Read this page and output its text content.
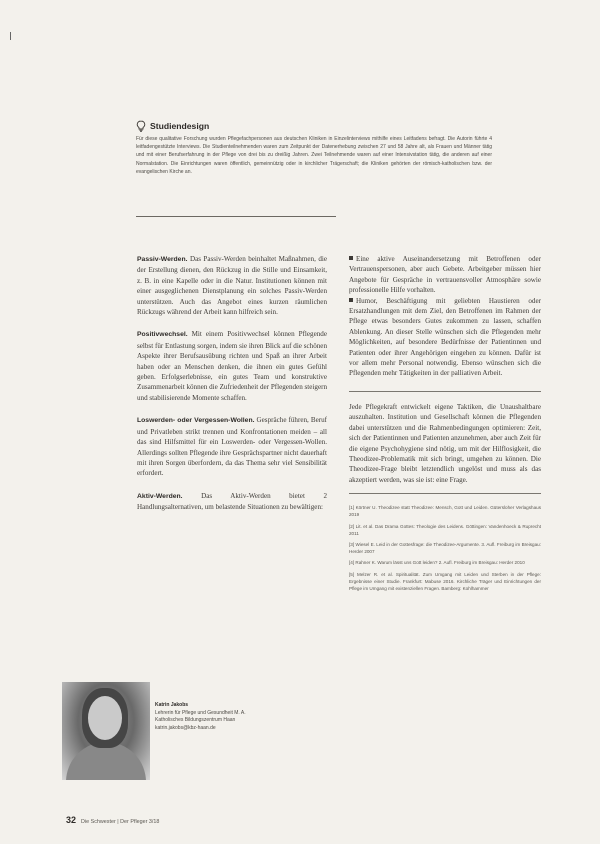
Studiendesign

Für diese qualitative Forschung wurden Pflegefachpersonen aus deutschen Kliniken in Einzelinterviews mithilfe eines Leitfadens befragt. Die Autorin führte 4 leitfadengestützte Interviews. Die Studienteilnehmenden waren zum Zeitpunkt der Datenerhebung zwischen 27 und 58 Jahre alt, als Frauen und Männer tätig und mit einer Berufserfahrung in der Pflege von drei bis zu dreißig Jahren. Zwei Teilnehmende waren auf einer Intensivstation tätig, die anderen auf einer Normalstation. Die Einrichtungen waren öffentlich, gemeinnützig oder in kirchlicher Trägerschaft; die Kliniken gehörten der römisch-katholischen bzw. der evangelischen Kirche an.

Passiv-Werden. Das Passiv-Werden beinhaltet Maßnahmen, die der Erstellung dienen, den Rückzug in die Stille und Einsamkeit, z. B. in eine Kapelle oder in die Natur. Institutionen können mit einer ausgeglichenen Dienstplanung ein solches Passiv-Werden unterstützen. Auch das Angebot eines kurzen räumlichen Rückzugs während der Arbeit kann hilfreich sein.

Positivwechsel. Mit einem Positivwechsel können Pflegende selbst für Entlastung sorgen, indem sie ihren Blick auf die schönen Aspekte ihrer Berufsausübung richten und Spaß an ihrer Arbeit haben oder an Menschen denken, die ihnen ein gutes Gefühl geben. Erfolgserlebnisse, ein gutes Team und konstruktive Zusammenarbeit können die Zufriedenheit der Pflegenden steigern und stabilisierende Momente schaffen.

Loswerden- oder Vergessen-Wollen. Gespräche führen, Beruf und Privatleben strikt trennen und Konfrontationen meiden – all das sind Hilfsmittel für ein Loswerden- oder Vergessen-Wollen. Allerdings sollten Pflegende ihre Gesprächspartner nicht dauerhaft mit ihren Sorgen überfordern, da das Thema sehr viel Sensibilität erfordert.

Aktiv-Werden. Das Aktiv-Werden bietet 2 Handlungsalternativen, um belastende Situationen zu bewältigen:

Eine aktive Auseinandersetzung mit Betroffenen oder Vertrauenspersonen, aber auch Gebete. Arbeitgeber müssen hier Angebote für Gespräche in vertrauensvoller Atmosphäre sowie professionelle Hilfe vorhalten.

Humor, Beschäftigung mit geliebten Haustieren oder Ersatzhandlungen mit dem Ziel, den Betroffenen im Rahmen der Pflege etwas besonders Gutes zukommen zu lassen, schaffen Ablenkung. An dieser Stelle wünschen sich die Pflegenden mehr Möglichkeiten, auf besondere Bedürfnisse der Patientinnen und Patienten oder ihrer Angehörigen eingehen zu können. Dafür ist vor allem mehr Personal notwendig. Ebenso wünschen sich die Pflegenden mehr Tätigkeiten in der palliativen Arbeit.

Jede Pflegekraft entwickelt eigene Taktiken, die Unaushaltbare auszuhalten. Institution und Gesellschaft können die Pflegenden dabei unterstützen und die Rahmenbedingungen optimieren: Zeit, sich der Patientinnen und Patienten anzunehmen, aber auch Zeit für die eigene Psychohygiene sind nötig, um mit der Hilflosigkeit, die Theodizee-Problematik mit sich bringt, umgehen zu können. Die Theodizee-Frage bleibt letztendlich ungelöst und muss als das akzeptiert werden, was sie ist: eine Frage.

[1] Körtner U. Theodizee statt Theodizee: Mensch, Gott und Leiden. Gütersloher Verlagshaus 2019
[2] Lit. et al. Das Drama Gottes: Theologie des Leidens. Göttingen: Vandenhoeck & Ruprecht 2011
[3] Wiesel E. Leid in der Gottesfrage: die Theodizee-Argumente. 3. Aufl. Freiburg im Breisgau: Herder 2007
[4] Rahner K. Warum lässt uns Gott leiden? 2. Aufl. Freiburg im Breisgau: Herder 2010
[5] Melzer R. et al. Spiritualität. Zum Umgang mit Leiden und Sterben in der Pflege: Ergebnisse einer Studie. Frankfurt: Mabuse 2016. Kirchliche Träger und Einrichtungen der Pflege im Umgang mit existenziellen Fragen. Bamberg: Kohlhammer
Katrin Jakobs
Lehrerin für Pflege und Gesundheit M. A.
Katholisches Bildungszentrum Haan
katrin.jakobs@kbz-haan.de
32 Die Schwester | Der Pfleger 3/18
